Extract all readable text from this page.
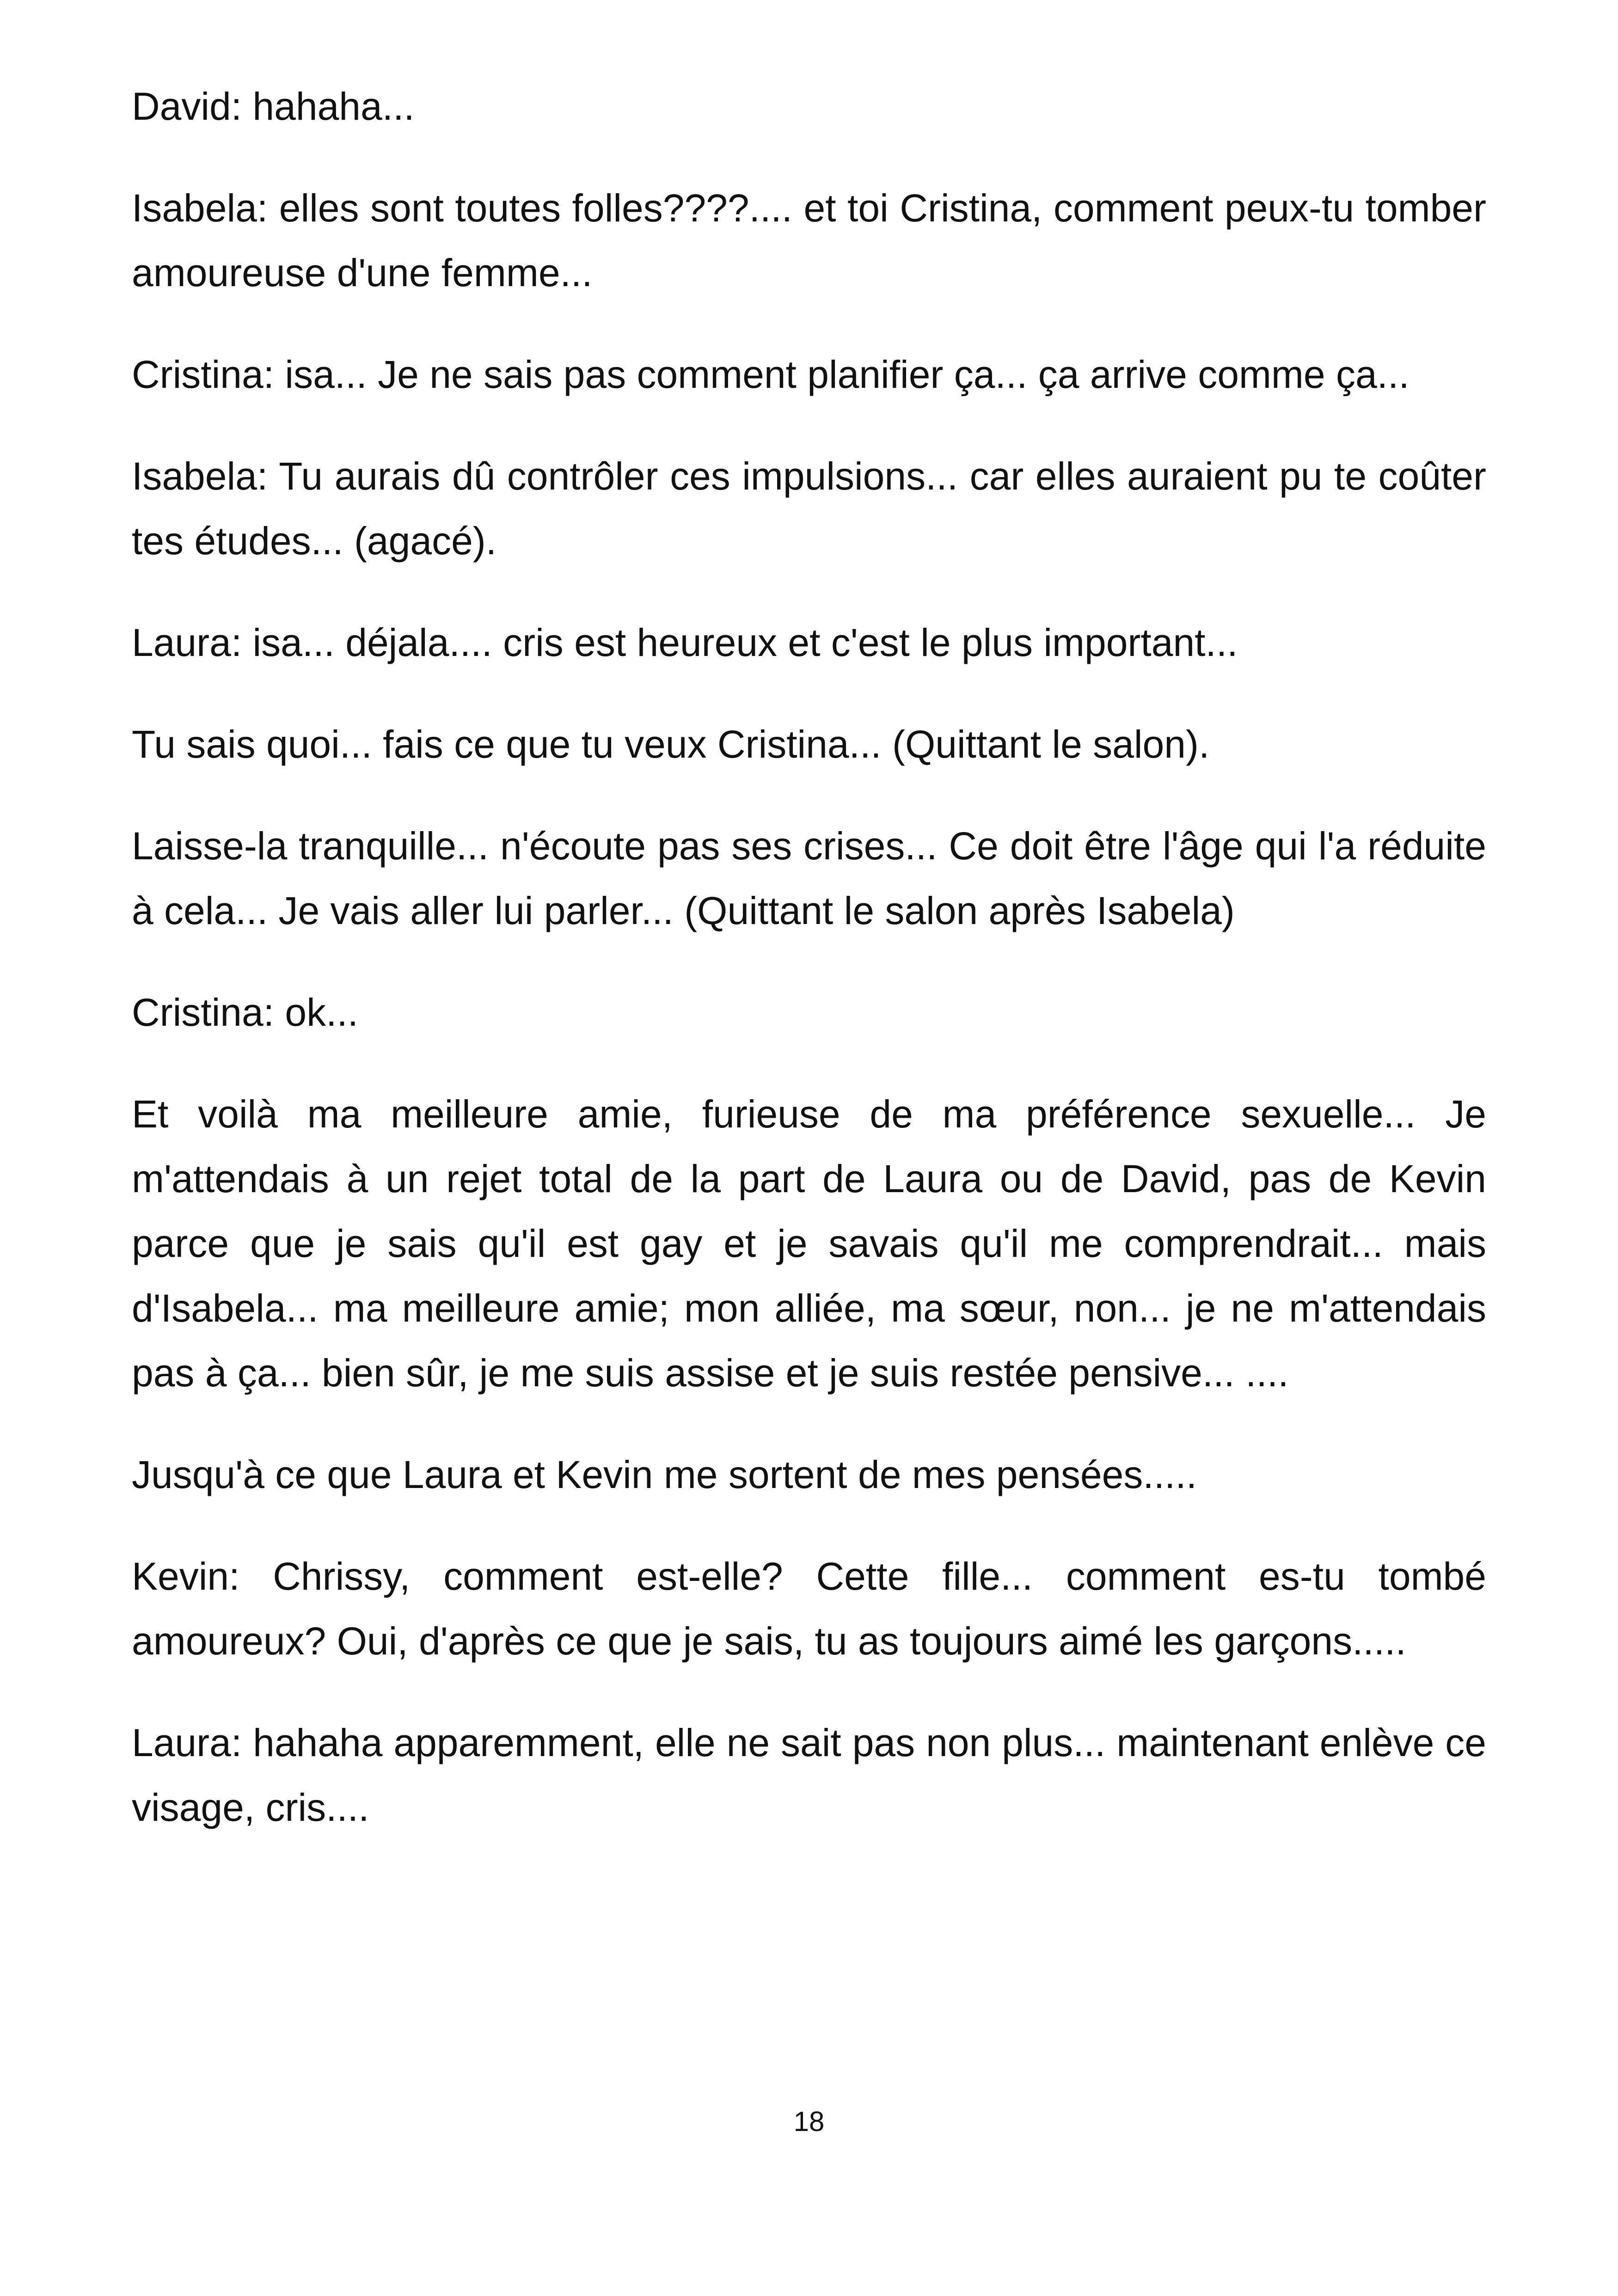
David: hahaha...

Isabela: elles sont toutes folles????.... et toi Cristina, comment peux-tu tomber amoureuse d'une femme...

Cristina: isa... Je ne sais pas comment planifier ça... ça arrive comme ça...

Isabela: Tu aurais dû contrôler ces impulsions... car elles auraient pu te coûter tes études... (agacé).

Laura: isa... déjala.... cris est heureux et c'est le plus important...

Tu sais quoi... fais ce que tu veux Cristina... (Quittant le salon).

Laisse-la tranquille... n'écoute pas ses crises... Ce doit être l'âge qui l'a réduite à cela... Je vais aller lui parler... (Quittant le salon après Isabela)

Cristina: ok...

Et voilà ma meilleure amie, furieuse de ma préférence sexuelle... Je m'attendais à un rejet total de la part de Laura ou de David, pas de Kevin parce que je sais qu'il est gay et je savais qu'il me comprendrait... mais d'Isabela... ma meilleure amie; mon alliée, ma sœur, non... je ne m'attendais pas à ça... bien sûr, je me suis assise et je suis restée pensive... ....

Jusqu'à ce que Laura et Kevin me sortent de mes pensées.....

Kevin: Chrissy, comment est-elle? Cette fille... comment es-tu tombé amoureux? Oui, d'après ce que je sais, tu as toujours aimé les garçons.....

Laura: hahaha apparemment, elle ne sait pas non plus... maintenant enlève ce visage, cris....

18
